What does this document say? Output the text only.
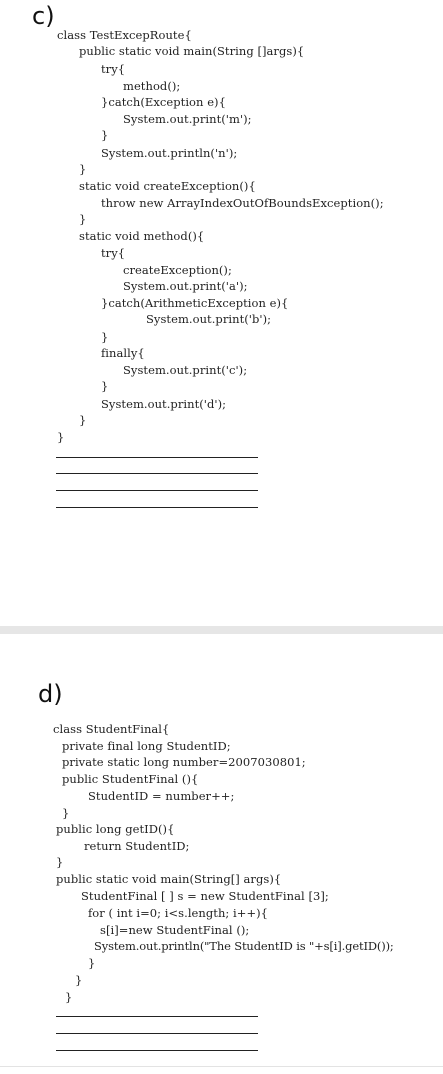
c)
class TestExcepRoute{
public static void main(String []args){
try{
method();
}catch(Exception e){
System.out.print('m');
}
System.out.println('n');
}
static void createException(){
throw new ArrayIndexOutOfBoundsException();
}
static void method(){
try{
createException();
System.out.print('a');
}catch(ArithmeticException e){
System.out.print('b');
}
finally{
System.out.print('c');
}
System.out.print('d');
}
}
d)
class StudentFinal{
private final long StudentID;
private static long number=2007030801;
public StudentFinal (){
StudentID = number++;
}
public long getID(){
return StudentID;
}
public static void main(String[] args){
StudentFinal [ ] s = new StudentFinal [3];
for ( int i=0; i<s.length; i++){
s[i]=new StudentFinal ();
System.out.println("The StudentID is "+s[i].getID());
}
}
}
